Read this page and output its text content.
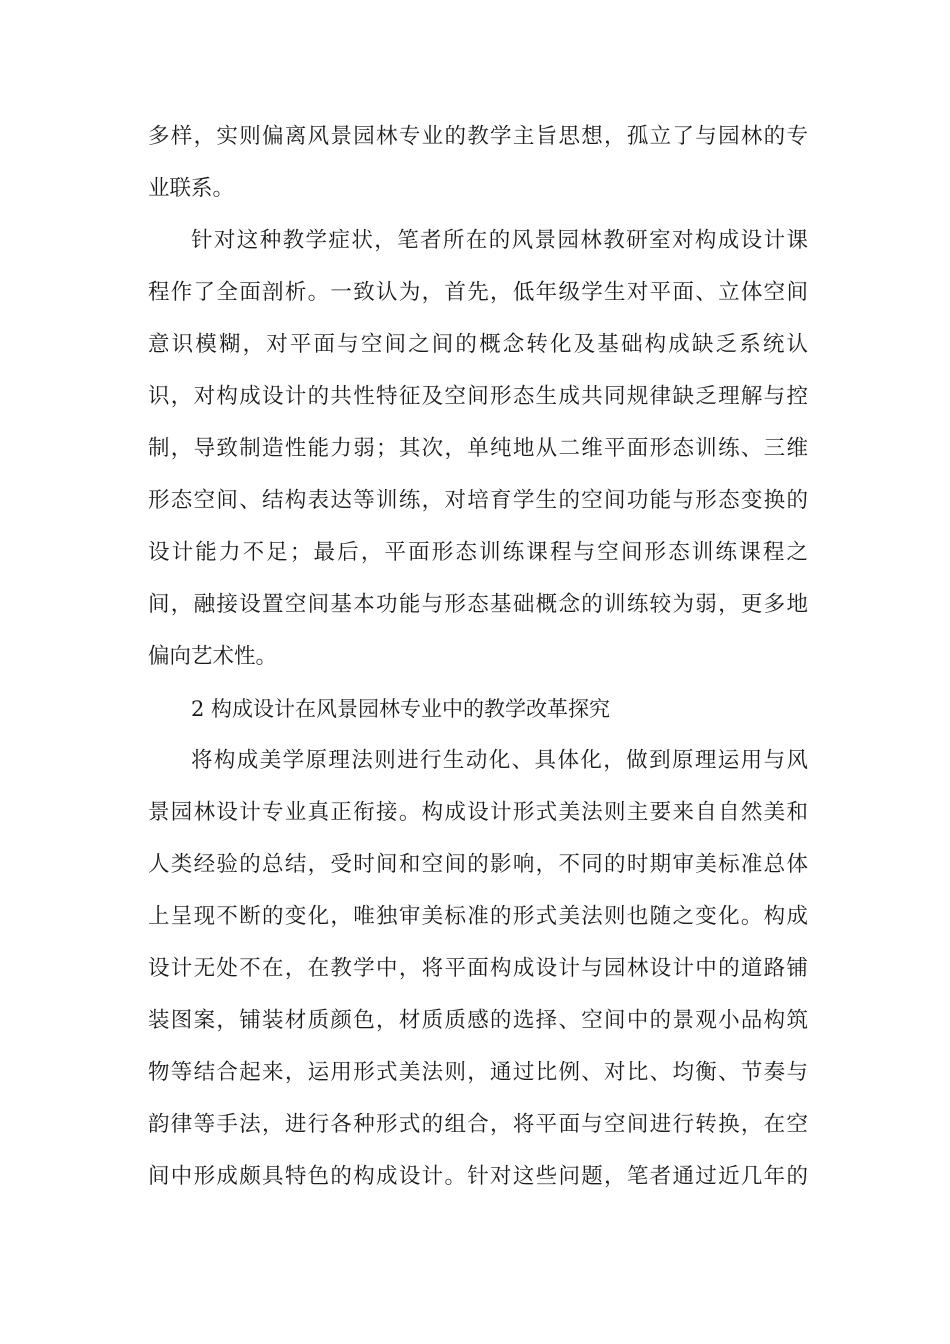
多样，实则偏离风景园林专业的教学主旨思想，孤立了与园林的专

业联系。

针对这种教学症状，笔者所在的风景园林教研室对构成设计课

程作了全面剖析。一致认为，首先，低年级学生对平面、立体空间

意识模糊，对平面与空间之间的概念转化及基础构成缺乏系统认

识，对构成设计的共性特征及空间形态生成共同规律缺乏理解与控

制，导致制造性能力弱；其次，单纯地从二维平面形态训练、三维

形态空间、结构表达等训练，对培育学生的空间功能与形态变换的

设计能力不足；最后，平面形态训练课程与空间形态训练课程之

间，融接设置空间基本功能与形态基础概念的训练较为弱，更多地

偏向艺术性。

2 构成设计在风景园林专业中的教学改革探究

将构成美学原理法则进行生动化、具体化，做到原理运用与风

景园林设计专业真正衔接。构成设计形式美法则主要来自自然美和

人类经验的总结，受时间和空间的影响，不同的时期审美标准总体

上呈现不断的变化，唯独审美标准的形式美法则也随之变化。构成

设计无处不在，在教学中，将平面构成设计与园林设计中的道路铺

装图案，铺装材质颜色，材质质感的选择、空间中的景观小品构筑

物等结合起来，运用形式美法则，通过比例、对比、均衡、节奏与

韵律等手法，进行各种形式的组合，将平面与空间进行转换，在空

间中形成颇具特色的构成设计。针对这些问题，笔者通过近几年的
